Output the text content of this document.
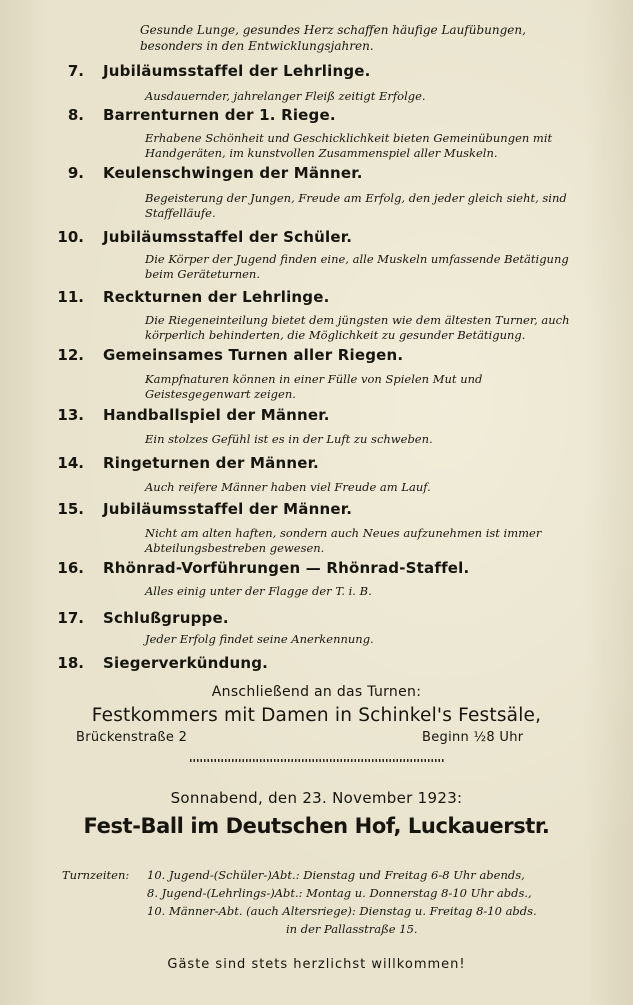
Gesunde Lunge, gesundes Herz schaffen häufige Laufübungen, besonders in den Entwicklungsjahren.

7. Jubiläumsstaffel der Lehrlinge.

Ausdauernder, jahrelanger Fleiß zeitigt Erfolge.

8. Barrenturnen der 1. Riege.

Erhabene Schönheit und Geschicklichkeit bieten Gemeinübungen mit Handgeräten, im kunstvollen Zusammenspiel aller Muskeln.

9. Keulenschwingen der Männer.

Begeisterung der Jungen, Freude am Erfolg, den jeder gleich sieht, sind Staffelläufe.

10. Jubiläumsstaffel der Schüler.

Die Körper der Jugend finden eine, alle Muskeln umfassende Betätigung beim Geräteturnen.

11. Reckturnen der Lehrlinge.

Die Riegeneinteilung bietet dem jüngsten wie dem ältesten Turner, auch körperlich behinderten, die Möglichkeit zu gesunder Betätigung.

12. Gemeinsames Turnen aller Riegen.

Kampfnaturen können in einer Fülle von Spielen Mut und Geistesgegenwart zeigen.

13. Handballspiel der Männer.

Ein stolzes Gefühl ist es in der Luft zu schweben.

14. Ringeturnen der Männer.

Auch reifere Männer haben viel Freude am Lauf.

15. Jubiläumsstaffel der Männer.

Nicht am alten haften, sondern auch Neues aufzunehmen ist immer Abteilungsbestreben gewesen.

16. Rhönrad-Vorführungen — Rhönrad-Staffel.

Alles einig unter der Flagge der T. i. B.

17. Schlußgruppe.

Jeder Erfolg findet seine Anerkennung.

18. Siegerverkündung.
Anschließend an das Turnen:
Festkommers mit Damen in Schinkel's Festsäle,
Brückenstraße 2	Beginn ½8 Uhr
Sonnabend, den 23. November 1923:
Fest-Ball im Deutschen Hof, Luckauerstr.
Turnzeiten: 10. Jugend-(Schüler-)Abt.: Dienstag und Freitag 6-8 Uhr abends,
8. Jugend-(Lehrlings-)Abt.: Montag u. Donnerstag 8-10 Uhr abds.,
10. Männer-Abt. (auch Altersriege): Dienstag u. Freitag 8-10 abds.
in der Pallasstraße 15.
Gäste sind stets herzlichst willkommen!
